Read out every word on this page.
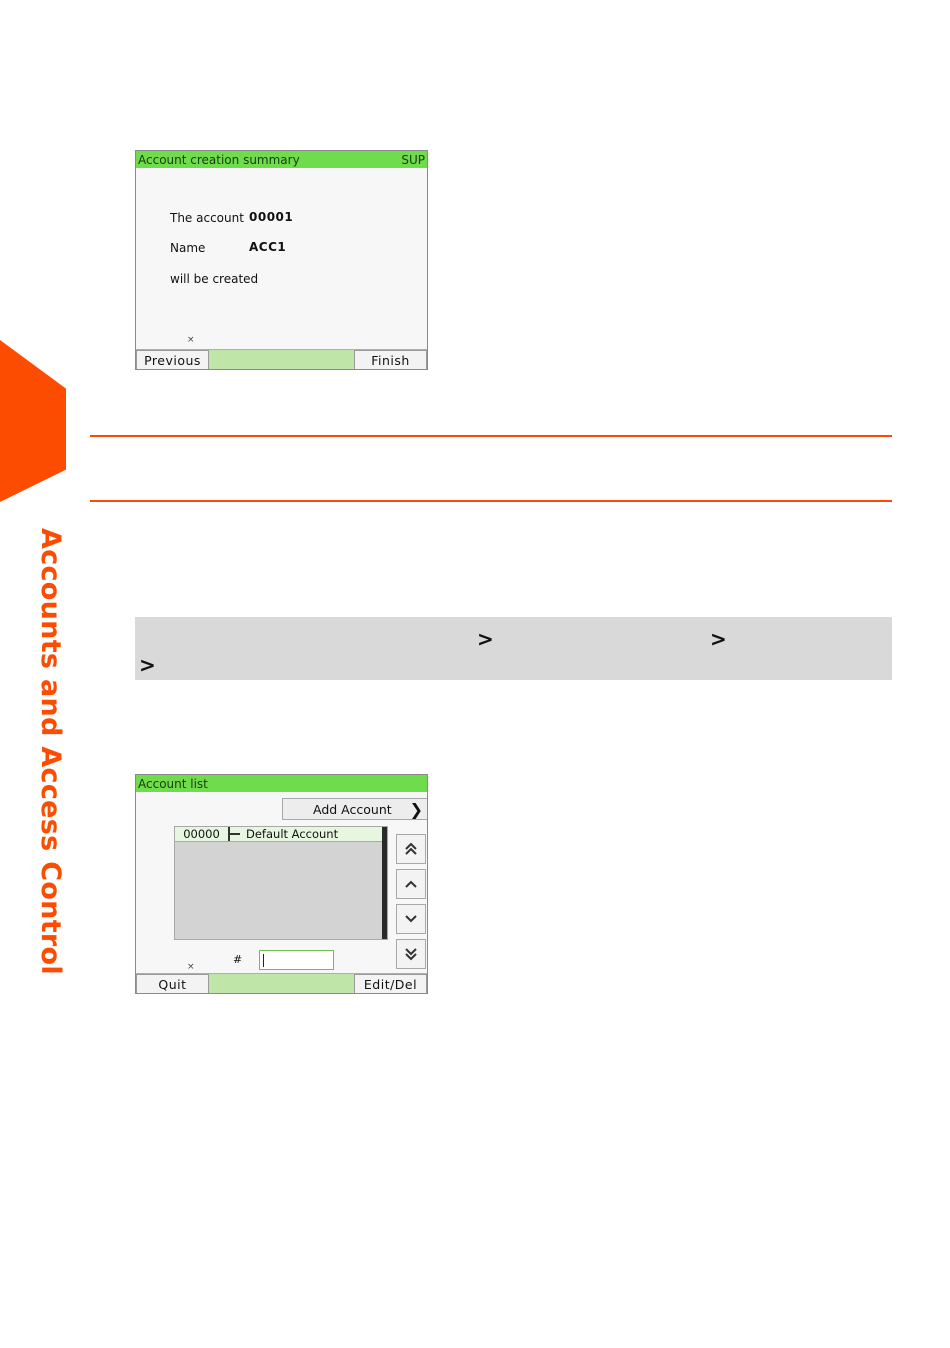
Accounts and Access Control
Account creation summary	SUP
The account 00001
Name	ACC1
will be created
×
Previous	Finish
>	>
>
Account list
Add Account ❯
00000	Default Account
×
#
Quit	Edit/Del
